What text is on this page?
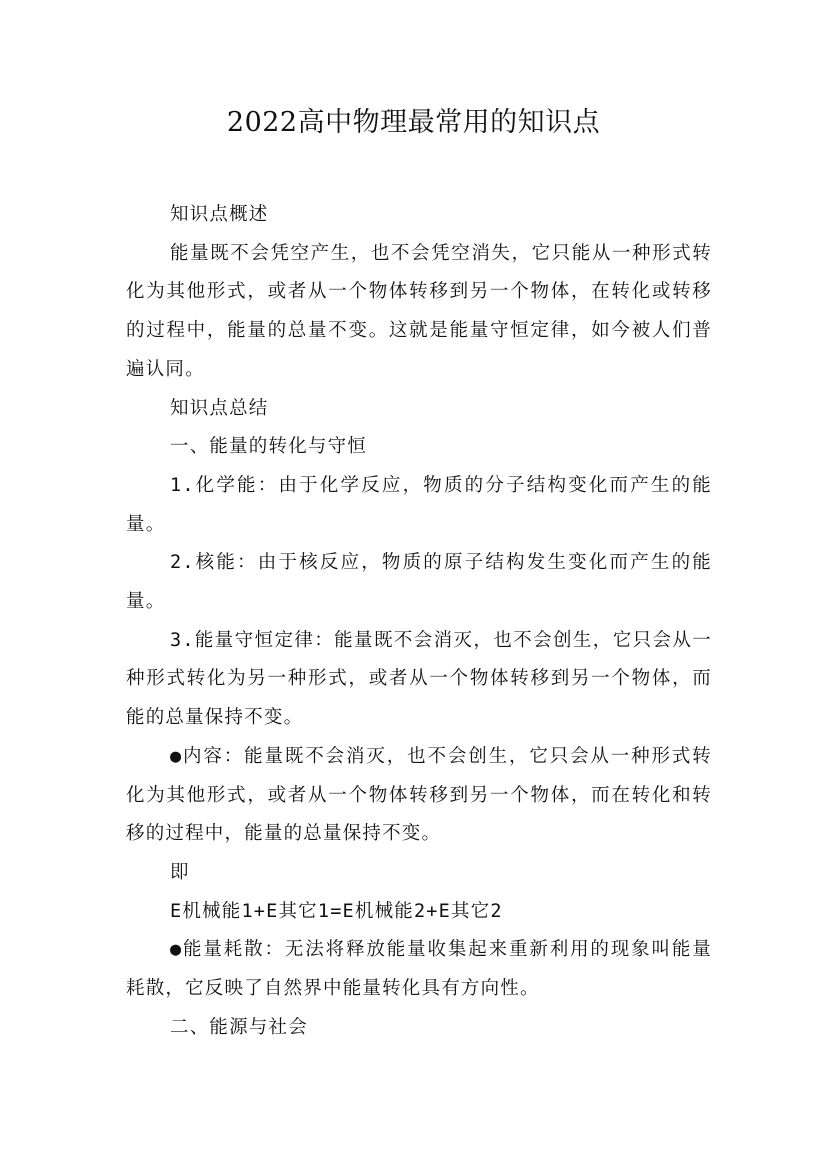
2022高中物理最常用的知识点

知识点概述

能量既不会凭空产生，也不会凭空消失，它只能从一种形式转化为其他形式，或者从一个物体转移到另一个物体，在转化或转移的过程中，能量的总量不变。这就是能量守恒定律，如今被人们普遍认同。

知识点总结

一、能量的转化与守恒

1.化学能：由于化学反应，物质的分子结构变化而产生的能量。

2.核能：由于核反应，物质的原子结构发生变化而产生的能量。

3.能量守恒定律：能量既不会消灭，也不会创生，它只会从一种形式转化为另一种形式，或者从一个物体转移到另一个物体，而能的总量保持不变。

●内容：能量既不会消灭，也不会创生，它只会从一种形式转化为其他形式，或者从一个物体转移到另一个物体，而在转化和转移的过程中，能量的总量保持不变。

即

E机械能1+E其它1=E机械能2+E其它2

●能量耗散：无法将释放能量收集起来重新利用的现象叫能量耗散，它反映了自然界中能量转化具有方向性。

二、能源与社会
